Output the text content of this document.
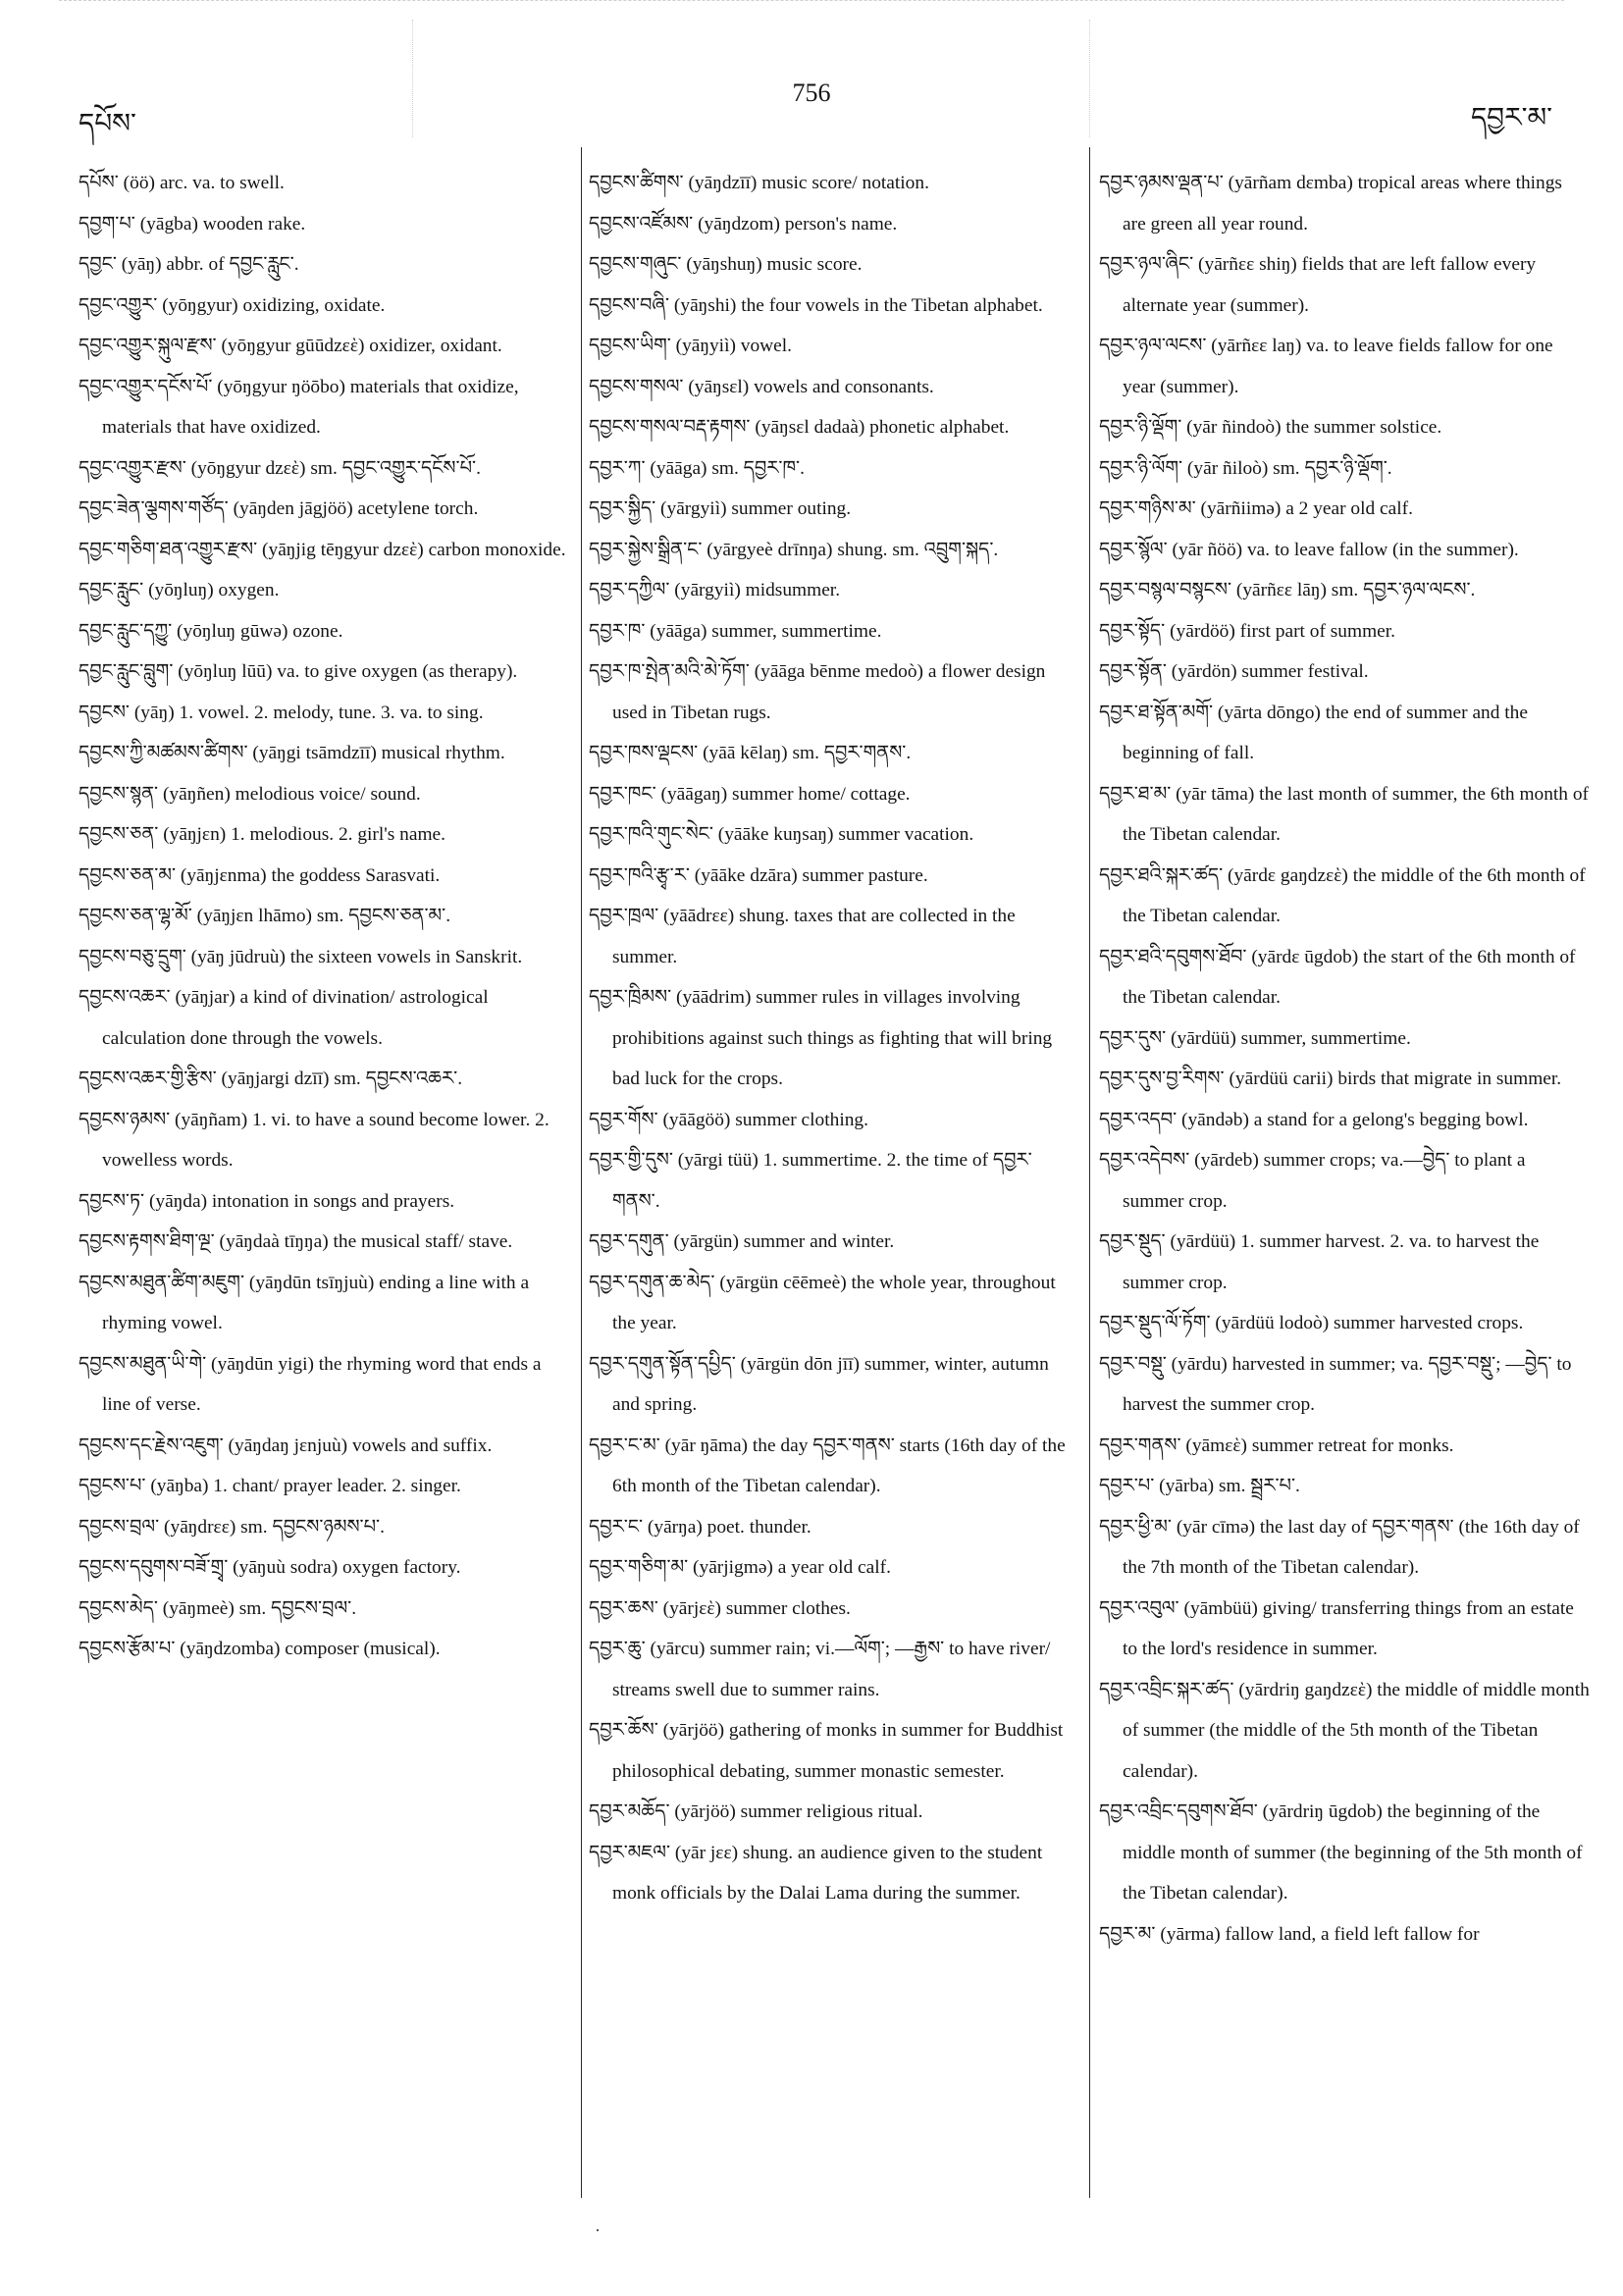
དཔོས་
756
དབྱར་མ་

དཔོས་ (öö) arc. va. to swell.

དབྱག་པ་ (yāgba) wooden rake.

དབྱང་ (yāŋ) abbr. of དབྱང་རླུང་.

དབྱང་འགྱུར་ (yōŋgyur) oxidizing, oxidate.

དབྱང་འགྱུར་སྐུལ་རྫས་ (yōŋgyur gūūdzεὲ) oxidizer, oxidant.

དབྱང་འགྱུར་དངོས་པོ་ (yōŋgyur ŋöōbo) materials that oxidize, materials that have oxidized.

དབྱང་འགྱུར་རྫས་ (yōŋgyur dzεὲ) sm. དབྱང་འགྱུར་དངོས་པོ་.

དབྱང་ཟེན་ལྕགས་གཙོད་ (yāŋden jāgjöö) acetylene torch.

དབྱང་གཅིག་ཐན་འགྱུར་རྫས་ (yāŋjig tēŋgyur dzεὲ) carbon monoxide.

དབྱང་རླུང་ (yōŋluŋ) oxygen.

དབྱང་རླུང་དཀྱུ་ (yōŋluŋ gūwə) ozone.

དབྱང་རླུང་བླུག་ (yōŋluŋ lūū) va. to give oxygen (as therapy).

དབྱངས་ (yāŋ) 1. vowel. 2. melody, tune. 3. va. to sing.

དབྱངས་ཀྱི་མཚམས་ཚིགས་ (yāŋgi tsāmdzīī) musical rhythm.

དབྱངས་སྙན་ (yāŋñen) melodious voice/ sound.

དབྱངས་ཅན་ (yāŋjεn) 1. melodious. 2. girl's name.

དབྱངས་ཅན་མ་ (yāŋjεnma) the goddess Sarasvati.

དབྱངས་ཅན་ལྷ་མོ་ (yāŋjεn lhāmo) sm. དབྱངས་ཅན་མ་.

དབྱངས་བཅུ་དྲུག་ (yāŋ jūdruù) the sixteen vowels in Sanskrit.

དབྱངས་འཆར་ (yāŋjar) a kind of divination/ astrological calculation done through the vowels.

དབྱངས་འཆར་གྱི་རྩིས་ (yāŋjargi dzīī) sm. དབྱངས་འཆར་.

དབྱངས་ཉམས་ (yāŋñam) 1. vi. to have a sound become lower. 2. vowelless words.

དབྱངས་ཏ་ (yāŋda) intonation in songs and prayers.

དབྱངས་རྟགས་ཐིག་ལྔ་ (yāŋdaà tīŋŋa) the musical staff/ stave.

དབྱངས་མཐུན་ཚིག་མཇུག་ (yāŋdūn tsīŋjuù) ending a line with a rhyming vowel.

དབྱངས་མཐུན་ཡི་གེ་ (yāŋdūn yigi) the rhyming word that ends a line of verse.

དབྱངས་དང་རྗེས་འཇུག་ (yāŋdaŋ jεnjuù) vowels and suffix.

དབྱངས་པ་ (yāŋba) 1. chant/ prayer leader. 2. singer.

དབྱངས་བྲལ་ (yāŋdrεε) sm. དབྱངས་ཉམས་པ་.

དབྱངས་དབུགས་བཟོ་གྲྭ་ (yāŋuù sodra) oxygen factory.

དབྱངས་མེད་ (yāŋmeè) sm. དབྱངས་བྲལ་.

དབྱངས་རྩོམ་པ་ (yāŋdzomba) composer (musical).

དབྱངས་ཚིགས་ (yāŋdzīī) music score/ notation.

དབྱངས་འཛོམས་ (yāŋdzom) person's name.

དབྱངས་གཞུང་ (yāŋshuŋ) music score.

དབྱངས་བཞི་ (yāŋshi) the four vowels in the Tibetan alphabet.

དབྱངས་ཡིག་ (yāŋyiì) vowel.

དབྱངས་གསལ་ (yāŋsεl) vowels and consonants.

དབྱངས་གསལ་བརྡ་རྟགས་ (yāŋsεl dadaà) phonetic alphabet.

དབྱར་ཀ་ (yāāga) sm. དབྱར་ཁ་.

དབྱར་སྐྱིད་ (yārgyiì) summer outing.

དབྱར་སྐྱེས་སྒྲིན་ང་ (yārgyeè drīnŋa) shung. sm. འབྲུག་སྐད་.

དབྱར་དཀྱིལ་ (yārgyiì) midsummer.

དབྱར་ཁ་ (yāāga) summer, summertime.

དབྱར་ཁ་སྤེན་མའི་མེ་ཏོག་ (yāāga bēnme medoò) a flower design used in Tibetan rugs.

དབྱར་ཁས་ལྡངས་ (yāā kēlaŋ) sm. དབྱར་གནས་.

དབྱར་ཁང་ (yāāgaŋ) summer home/ cottage.

དབྱར་ཁའི་གུང་སེང་ (yāāke kuŋsaŋ) summer vacation.

དབྱར་ཁའི་རྩྭ་ར་ (yāāke dzāra) summer pasture.

དབྱར་ཁྲལ་ (yāādrεε) shung. taxes that are collected in the summer.

དབྱར་ཁྲིམས་ (yāādrim) summer rules in villages involving prohibitions against such things as fighting that will bring bad luck for the crops.

དབྱར་གོས་ (yāāgöö) summer clothing.

དབྱར་གྱི་དུས་ (yārgi tüü) 1. summertime. 2. the time of དབྱར་གནས་.

དབྱར་དགུན་ (yārgün) summer and winter.

དབྱར་དགུན་ཆ་མེད་ (yārgün cēēmeè) the whole year, throughout the year.

དབྱར་དགུན་སྟོན་དཔྱིད་ (yārgün dōn jīī) summer, winter, autumn and spring.

དབྱར་ང་མ་ (yār ŋāma) the day དབྱར་གནས་ starts (16th day of the 6th month of the Tibetan calendar).

དབྱར་ང་ (yārŋa) poet. thunder.

དབྱར་གཅིག་མ་ (yārjigmə) a year old calf.

དབྱར་ཆས་ (yārjεὲ) summer clothes.

དབྱར་ཆུ་ (yārcu) summer rain; vi.—ལོག་; —རྒྱས་ to have river/ streams swell due to summer rains.

དབྱར་ཆོས་ (yārjöö) gathering of monks in summer for Buddhist philosophical debating, summer monastic semester.

དབྱར་མཆོད་ (yārjöö) summer religious ritual.

དབྱར་མཇལ་ (yār jεε) shung. an audience given to the student monk officials by the Dalai Lama during the summer.

དབྱར་ཉམས་ལྡན་པ་ (yārñam dεmba) tropical areas where things are green all year round.

དབྱར་ཉལ་ཞིང་ (yārñεε shiŋ) fields that are left fallow every alternate year (summer).

དབྱར་ཉལ་ལངས་ (yārñεε laŋ) va. to leave fields fallow for one year (summer).

དབྱར་ཉི་ལྡོག་ (yār ñindoò) the summer solstice.

དབྱར་ཉི་ལོག་ (yār ñiloò) sm. དབྱར་ཉི་ལྡོག་.

དབྱར་གཉིས་མ་ (yārñiimə) a 2 year old calf.

དབྱར་སྙོལ་ (yār ñöö) va. to leave fallow (in the summer).

དབྱར་བསྙལ་བསྙངས་ (yārñεε lāŋ) sm. དབྱར་ཉལ་ལངས་.

དབྱར་སྟོད་ (yārdöö) first part of summer.

དབྱར་སྟོན་ (yārdön) summer festival.

དབྱར་ཐ་སྟོན་མགོ་ (yārta dōngo) the end of summer and the beginning of fall.

དབྱར་ཐ་མ་ (yār tāma) the last month of summer, the 6th month of the Tibetan calendar.

དབྱར་ཐའི་སྐར་ཚད་ (yārdε gaŋdzεὲ) the middle of the 6th month of the Tibetan calendar.

དབྱར་ཐའི་དབུགས་ཐོབ་ (yārdε ūgdob) the start of the 6th month of the Tibetan calendar.

དབྱར་དུས་ (yārdüü) summer, summertime.

དབྱར་དུས་བྱ་རིགས་ (yārdüü carii) birds that migrate in summer.

དབྱར་འདབ་ (yāndəb) a stand for a gelong's begging bowl.

དབྱར་འདེབས་ (yārdeb) summer crops; va.—བྱེད་ to plant a summer crop.

དབྱར་སྡུད་ (yārdüü) 1. summer harvest. 2. va. to harvest the summer crop.

དབྱར་སྡུད་ལོ་ཏོག་ (yārdüü lodoò) summer harvested crops.

དབྱར་བསྡུ་ (yārdu) harvested in summer; va. དབྱར་བསྡུ་; —བྱེད་ to harvest the summer crop.

དབྱར་གནས་ (yāmεὲ) summer retreat for monks.

དབྱར་པ་ (yārba) sm. སྦྲར་པ་.

དབྱར་ཕྱི་མ་ (yār cīmə) the last day of དབྱར་གནས་ (the 16th day of the 7th month of the Tibetan calendar).

དབྱར་འབུལ་ (yāmbüü) giving/ transferring things from an estate to the lord's residence in summer.

དབྱར་འབྲིང་སྐར་ཚད་ (yārdriŋ gaŋdzεὲ) the middle of middle month of summer (the middle of the 5th month of the Tibetan calendar).

དབྱར་འབྲིང་དབུགས་ཐོབ་ (yārdriŋ ūgdob) the beginning of the middle month of summer (the beginning of the 5th month of the Tibetan calendar).

དབྱར་མ་ (yārma) fallow land, a field left fallow for
